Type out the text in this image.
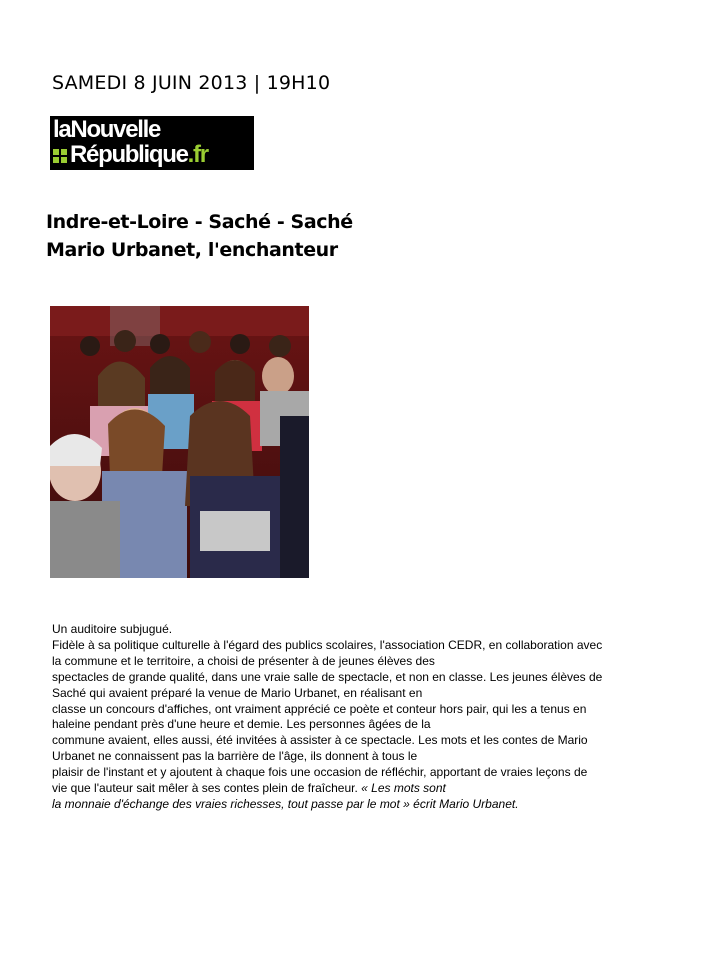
SAMEDI 8 JUIN 2013 | 19H10
laNouvelle
République.fr
Indre-et-Loire - Saché - Saché
Mario Urbanet, l'enchanteur
Un auditoire subjugué.
Fidèle à sa politique culturelle à l'égard des publics scolaires, l'association CEDR, en collaboration avec
la commune et le territoire, a choisi de présenter à de jeunes élèves des
spectacles de grande qualité, dans une vraie salle de spectacle, et non en classe. Les jeunes élèves de
Saché qui avaient préparé la venue de Mario Urbanet, en réalisant en
classe un concours d'affiches, ont vraiment apprécié ce poète et conteur hors pair, qui les a tenus en
haleine pendant près d'une heure et demie. Les personnes âgées de la
commune avaient, elles aussi, été invitées à assister à ce spectacle. Les mots et les contes de Mario
Urbanet ne connaissent pas la barrière de l'âge, ils donnent à tous le
plaisir de l'instant et y ajoutent à chaque fois une occasion de réfléchir, apportant de vraies leçons de
vie que l'auteur sait mêler à ses contes plein de fraîcheur. « Les mots sont
la monnaie d'échange des vraies richesses, tout passe par le mot » écrit Mario Urbanet.
